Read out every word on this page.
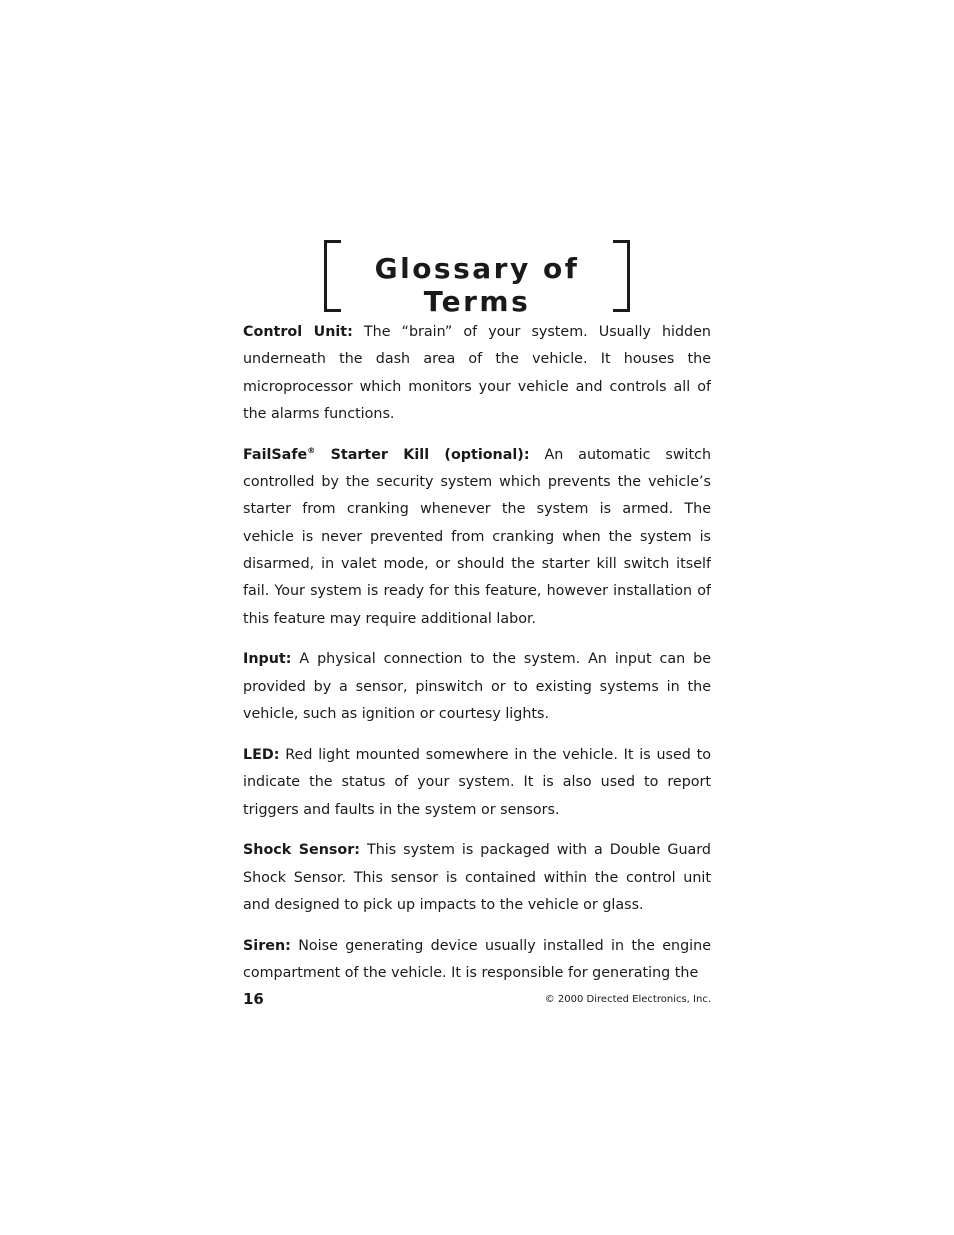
Glossary of Terms

Control Unit: The “brain” of your system. Usually hidden underneath the dash area of the vehicle. It houses the microprocessor which monitors your vehicle and controls all of the alarms functions.

FailSafe® Starter Kill (optional): An automatic switch controlled by the security system which prevents the vehicle’s starter from cranking whenever the system is armed. The vehicle is never prevented from cranking when the system is disarmed, in valet mode, or should the starter kill switch itself fail. Your system is ready for this feature, however installation of this feature may require additional labor.

Input: A physical connection to the system. An input can be provided by a sensor, pinswitch or to existing systems in the vehicle, such as ignition or courtesy lights.

LED: Red light mounted somewhere in the vehicle. It is used to indicate the status of your system. It is also used to report triggers and faults in the system or sensors.

Shock Sensor: This system is packaged with a Double Guard Shock Sensor. This sensor is contained within the control unit and designed to pick up impacts to the vehicle or glass.

Siren: Noise generating device usually installed in the engine compartment of the vehicle. It is responsible for generating the

16	© 2000 Directed Electronics, Inc.
